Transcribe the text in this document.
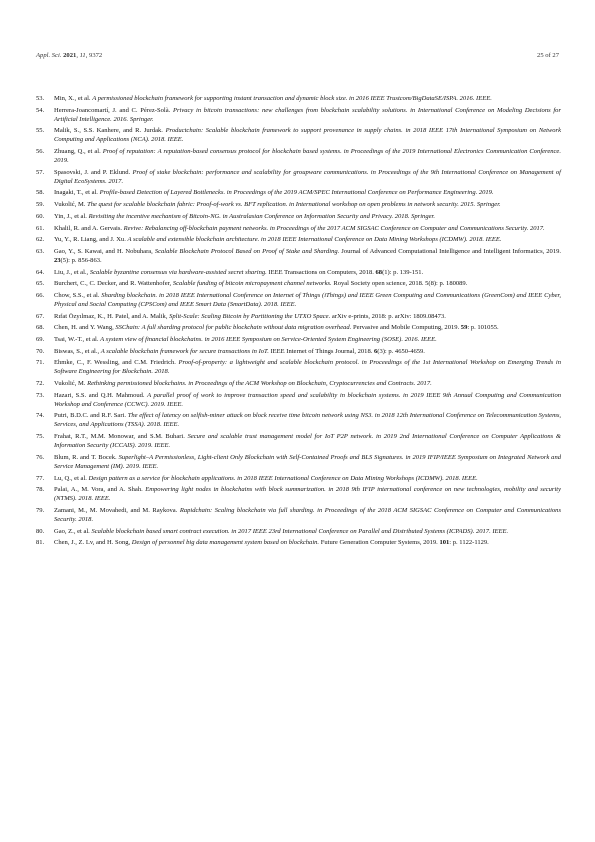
Appl. Sci. 2021, 11, 9372	25 of 27
53.	Min, X., et al. A permissioned blockchain framework for supporting instant transaction and dynamic block size. in 2016 IEEE Trustcom/BigDataSE/ISPA. 2016. IEEE.
54.	Herrera-Joancomartí, J. and C. Pérez-Solà. Privacy in bitcoin transactions: new challenges from blockchain scalability solutions. in International Conference on Modeling Decisions for Artificial Intelligence. 2016. Springer.
55.	Malik, S., S.S. Kanhere, and R. Jurdak. Productchain: Scalable blockchain framework to support provenance in supply chains. in 2018 IEEE 17th International Symposium on Network Computing and Applications (NCA). 2018. IEEE.
56.	Zhuang, Q., et al. Proof of reputation: A reputation-based consensus protocol for blockchain based systems. in Proceedings of the 2019 International Electronics Communication Conference. 2019.
57.	Spasovski, J. and P. Eklund. Proof of stake blockchain: performance and scalability for groupware communications. in Proceedings of the 9th International Conference on Management of Digital EcoSystems. 2017.
58.	Inagaki, T., et al. Profile-based Detection of Layered Bottlenecks. in Proceedings of the 2019 ACM/SPEC International Conference on Performance Engineering. 2019.
59.	Vukolić, M. The quest for scalable blockchain fabric: Proof-of-work vs. BFT replication. in International workshop on open problems in network security. 2015. Springer.
60.	Yin, J., et al. Revisiting the incentive mechanism of Bitcoin-NG. in Australasian Conference on Information Security and Privacy. 2018. Springer.
61.	Khalil, R. and A. Gervais. Revive: Rebalancing off-blockchain payment networks. in Proceedings of the 2017 ACM SIGSAC Conference on Computer and Communications Security. 2017.
62.	Yu, Y., R. Liang, and J. Xu. A scalable and extensible blockchain architecture. in 2018 IEEE International Conference on Data Mining Workshops (ICDMW). 2018. IEEE.
63.	Gao, Y., S. Kawai, and H. Nobuhara, Scalable Blockchain Protocol Based on Proof of Stake and Sharding. Journal of Advanced Computational Intelligence and Intelligent Informatics, 2019. 23(5): p. 856-863.
64.	Liu, J., et al., Scalable byzantine consensus via hardware-assisted secret sharing. IEEE Transactions on Computers, 2018. 68(1): p. 139-151.
65.	Burchert, C., C. Decker, and R. Wattenhofer, Scalable funding of bitcoin micropayment channel networks. Royal Society open science, 2018. 5(8): p. 180089.
66.	Chow, S.S., et al. Sharding blockchain. in 2018 IEEE International Conference on Internet of Things (iThings) and IEEE Green Computing and Communications (GreenCom) and IEEE Cyber, Physical and Social Computing (CPSCom) and IEEE Smart Data (SmartData). 2018. IEEE.
67.	Rıfat Özyılmaz, K., H. Patel, and A. Malik, Split-Scale: Scaling Bitcoin by Partitioning the UTXO Space. arXiv e-prints, 2018: p. arXiv: 1809.08473.
68.	Chen, H. and Y. Wang, SSChain: A full sharding protocol for public blockchain without data migration overhead. Pervasive and Mobile Computing, 2019. 59: p. 101055.
69.	Tsai, W.-T., et al. A system view of financial blockchains. in 2016 IEEE Symposium on Service-Oriented System Engineering (SOSE). 2016. IEEE.
70.	Biswas, S., et al., A scalable blockchain framework for secure transactions in IoT. IEEE Internet of Things Journal, 2018. 6(3): p. 4650-4659.
71.	Ehmke, C., F. Wessling, and C.M. Friedrich. Proof-of-property: a lightweight and scalable blockchain protocol. in Proceedings of the 1st International Workshop on Emerging Trends in Software Engineering for Blockchain. 2018.
72.	Vukolić, M. Rethinking permissioned blockchains. in Proceedings of the ACM Workshop on Blockchain, Cryptocurrencies and Contracts. 2017.
73.	Hazari, S.S. and Q.H. Mahmoud. A parallel proof of work to improve transaction speed and scalability in blockchain systems. in 2019 IEEE 9th Annual Computing and Communication Workshop and Conference (CCWC). 2019. IEEE.
74.	Putri, B.D.C. and R.F. Sari. The effect of latency on selfish-miner attack on block receive time bitcoin network using NS3. in 2018 12th International Conference on Telecommunication Systems, Services, and Applications (TSSA). 2018. IEEE.
75.	Frahat, R.T., M.M. Monowar, and S.M. Buhari. Secure and scalable trust management model for IoT P2P network. in 2019 2nd International Conference on Computer Applications & Information Security (ICCAIS). 2019. IEEE.
76.	Blum, R. and T. Bocek. Superlight–A Permissionless, Light-client Only Blockchain with Self-Contained Proofs and BLS Signatures. in 2019 IFIP/IEEE Symposium on Integrated Network and Service Management (IM). 2019. IEEE.
77.	Lu, Q., et al. Design pattern as a service for blockchain applications. in 2018 IEEE International Conference on Data Mining Workshops (ICDMW). 2018. IEEE.
78.	Palai, A., M. Vora, and A. Shah. Empowering light nodes in blockchains with block summarization. in 2018 9th IFIP international conference on new technologies, mobility and security (NTMS). 2018. IEEE.
79.	Zamani, M., M. Movahedi, and M. Raykova. Rapidchain: Scaling blockchain via full sharding. in Proceedings of the 2018 ACM SIGSAC Conference on Computer and Communications Security. 2018.
80.	Gao, Z., et al. Scalable blockchain based smart contract execution. in 2017 IEEE 23rd International Conference on Parallel and Distributed Systems (ICPADS). 2017. IEEE.
81.	Chen, J., Z. Lv, and H. Song, Design of personnel big data management system based on blockchain. Future Generation Computer Systems, 2019. 101: p. 1122-1129.
